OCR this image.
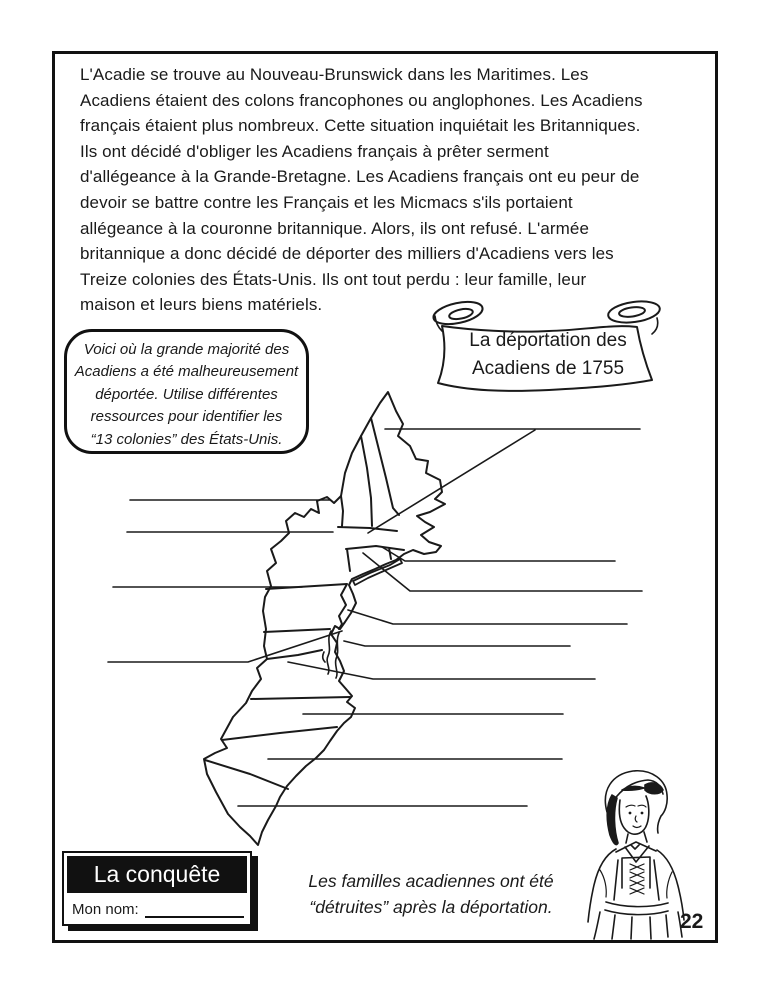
L'Acadie se trouve au Nouveau-Brunswick dans les Maritimes. Les
Acadiens étaient des colons francophones ou anglophones. Les Acadiens
français étaient plus nombreux. Cette situation inquiétait les Britanniques.
Ils ont décidé d'obliger les Acadiens français à prêter serment
d'allégeance à la Grande-Bretagne. Les Acadiens français ont eu peur de
devoir se battre contre les Français et les Micmacs s'ils portaient
allégeance à la couronne britannique. Alors, ils ont refusé. L'armée
britannique a donc décidé de déporter des milliers d'Acadiens vers les
Treize colonies des États-Unis. Ils ont tout perdu : leur famille, leur
maison et leurs biens matériels.
Voici où la grande majorité des
Acadiens a été malheureusement
déportée. Utilise différentes
ressources pour identifier les
“13 colonies” des États-Unis.
La déportation des
Acadiens de 1755
La conquête
Mon nom:
Les familles acadiennes ont été
“détruites” après la déportation.
22
